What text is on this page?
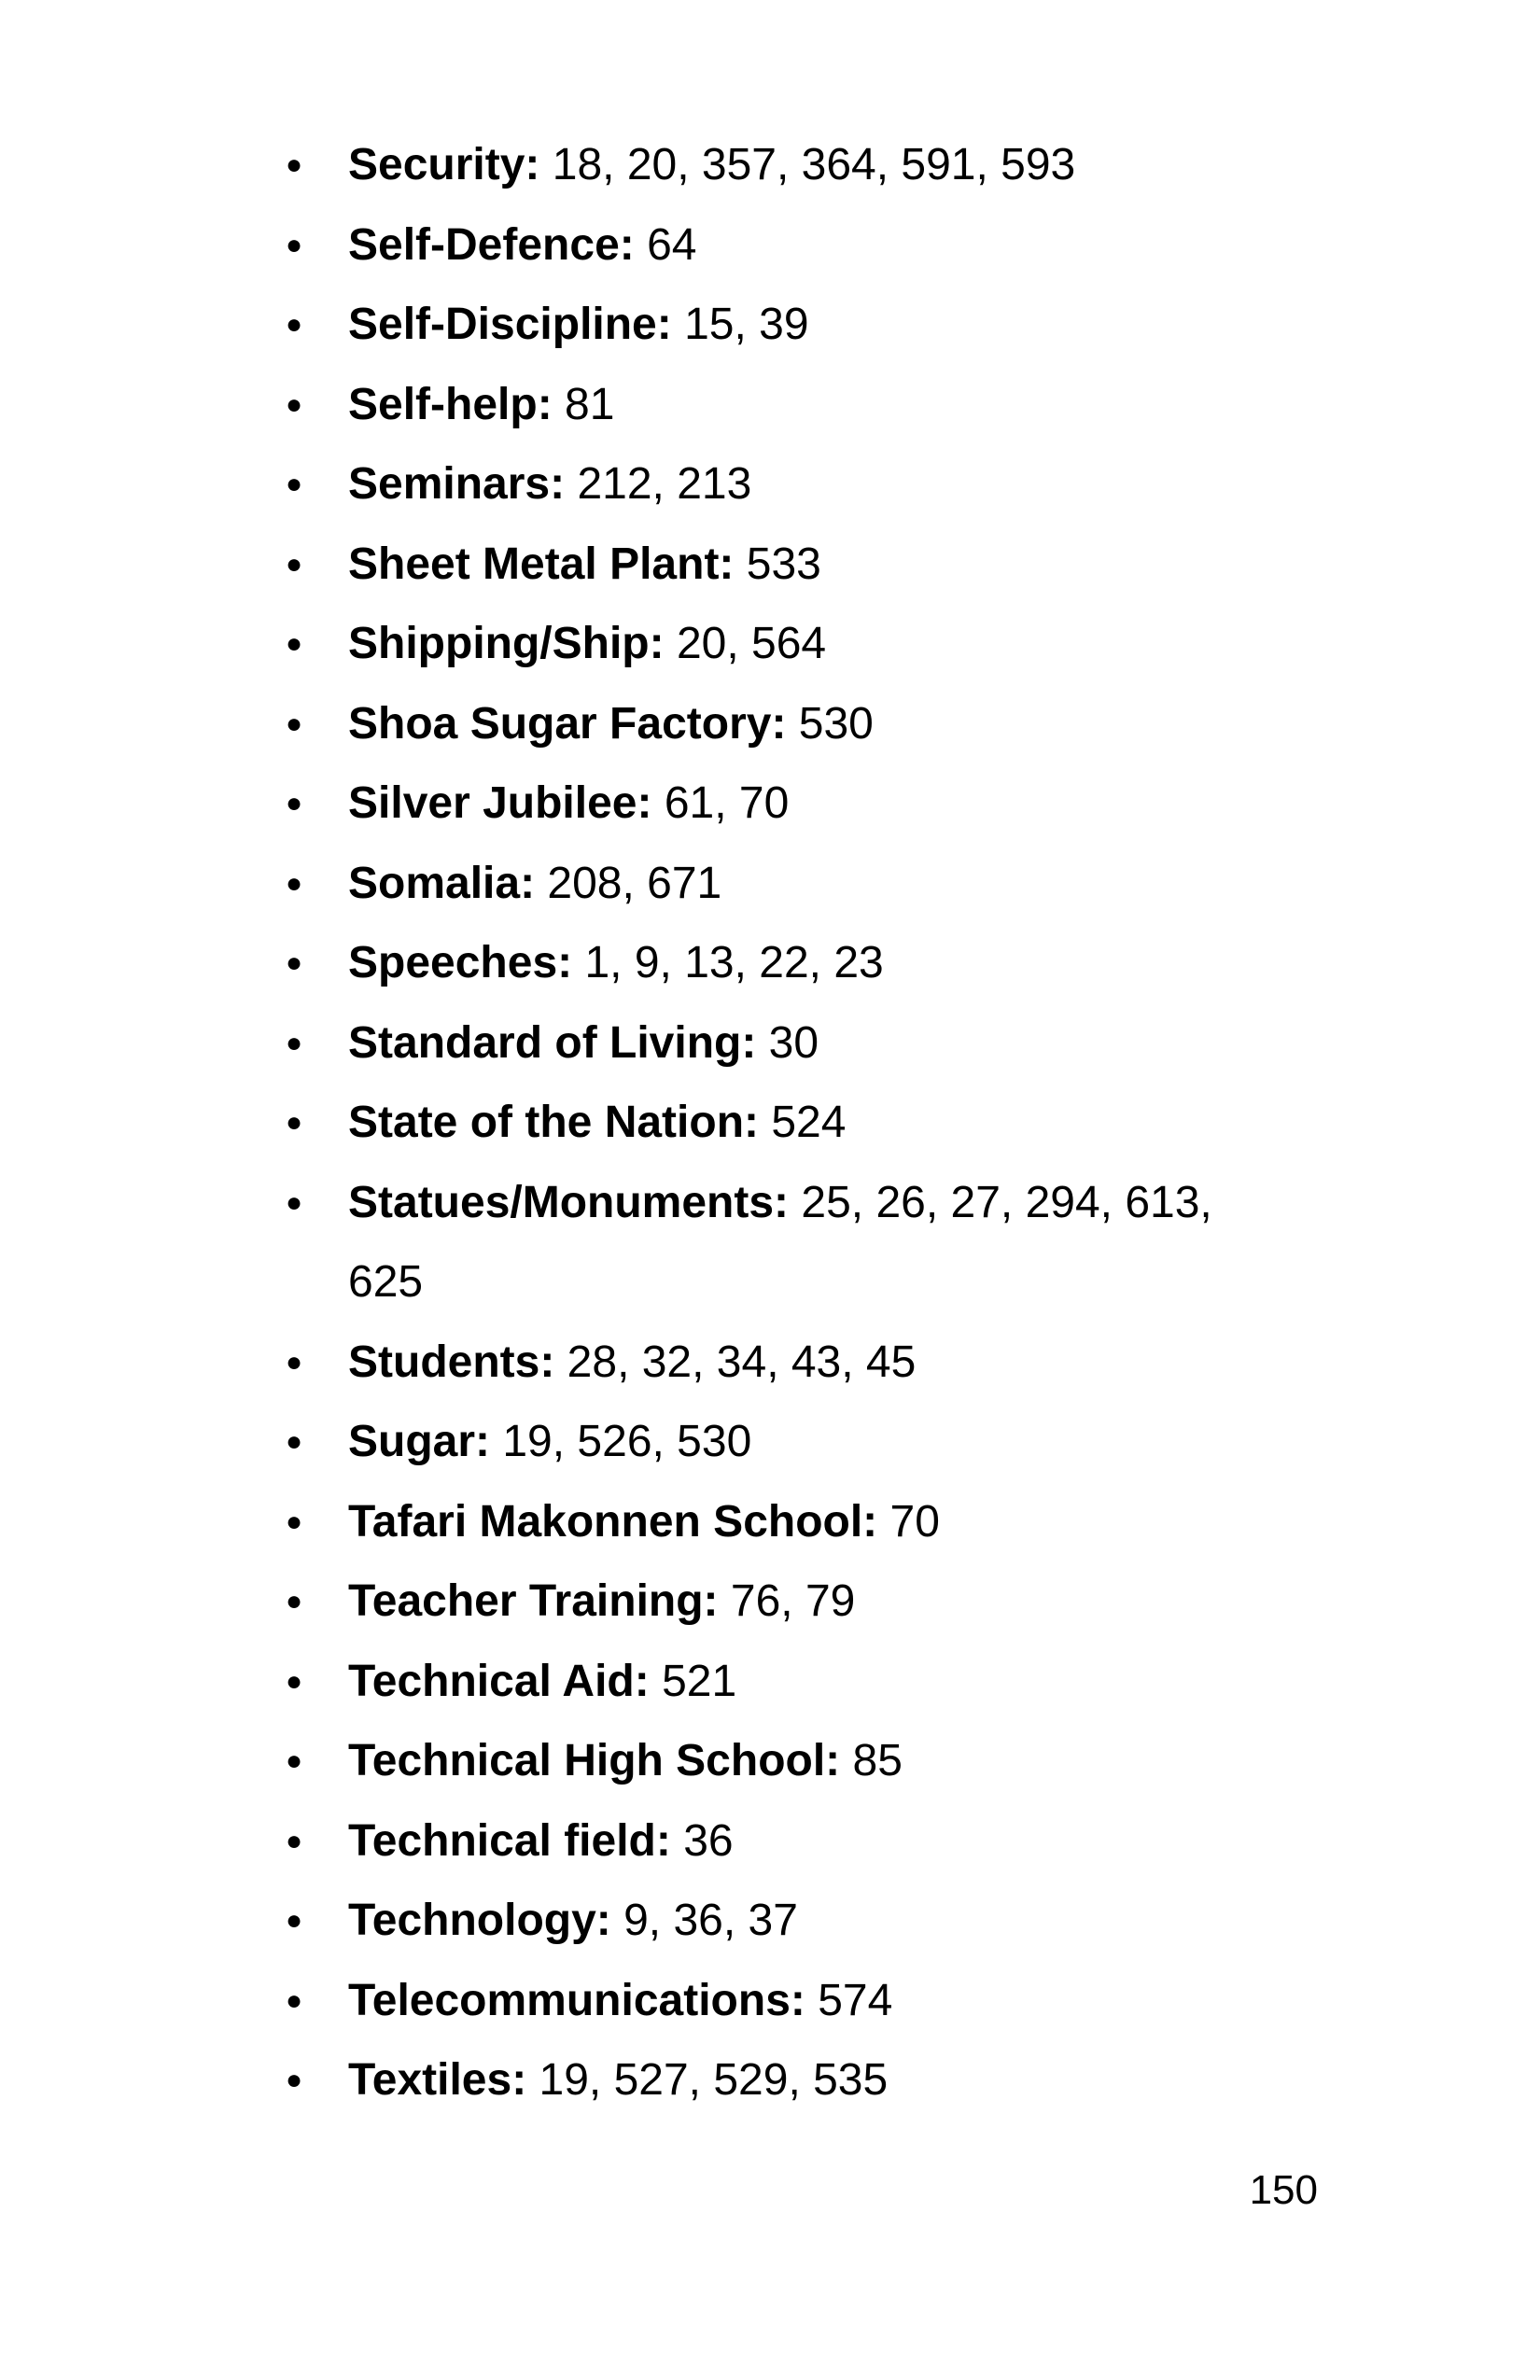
● Security: 18, 20, 357, 364, 591, 593
● Self-Defence: 64
● Self-Discipline: 15, 39
● Self-help: 81
● Seminars: 212, 213
● Sheet Metal Plant: 533
● Shipping/Ship: 20, 564
● Shoa Sugar Factory: 530
● Silver Jubilee: 61, 70
● Somalia: 208, 671
● Speeches: 1, 9, 13, 22, 23
● Standard of Living: 30
● State of the Nation: 524
● Statues/Monuments: 25, 26, 27, 294, 613, 625
● Students: 28, 32, 34, 43, 45
● Sugar: 19, 526, 530
● Tafari Makonnen School: 70
● Teacher Training: 76, 79
● Technical Aid: 521
● Technical High School: 85
● Technical field: 36
● Technology: 9, 36, 37
● Telecommunications: 574
● Textiles: 19, 527, 529, 535
150
